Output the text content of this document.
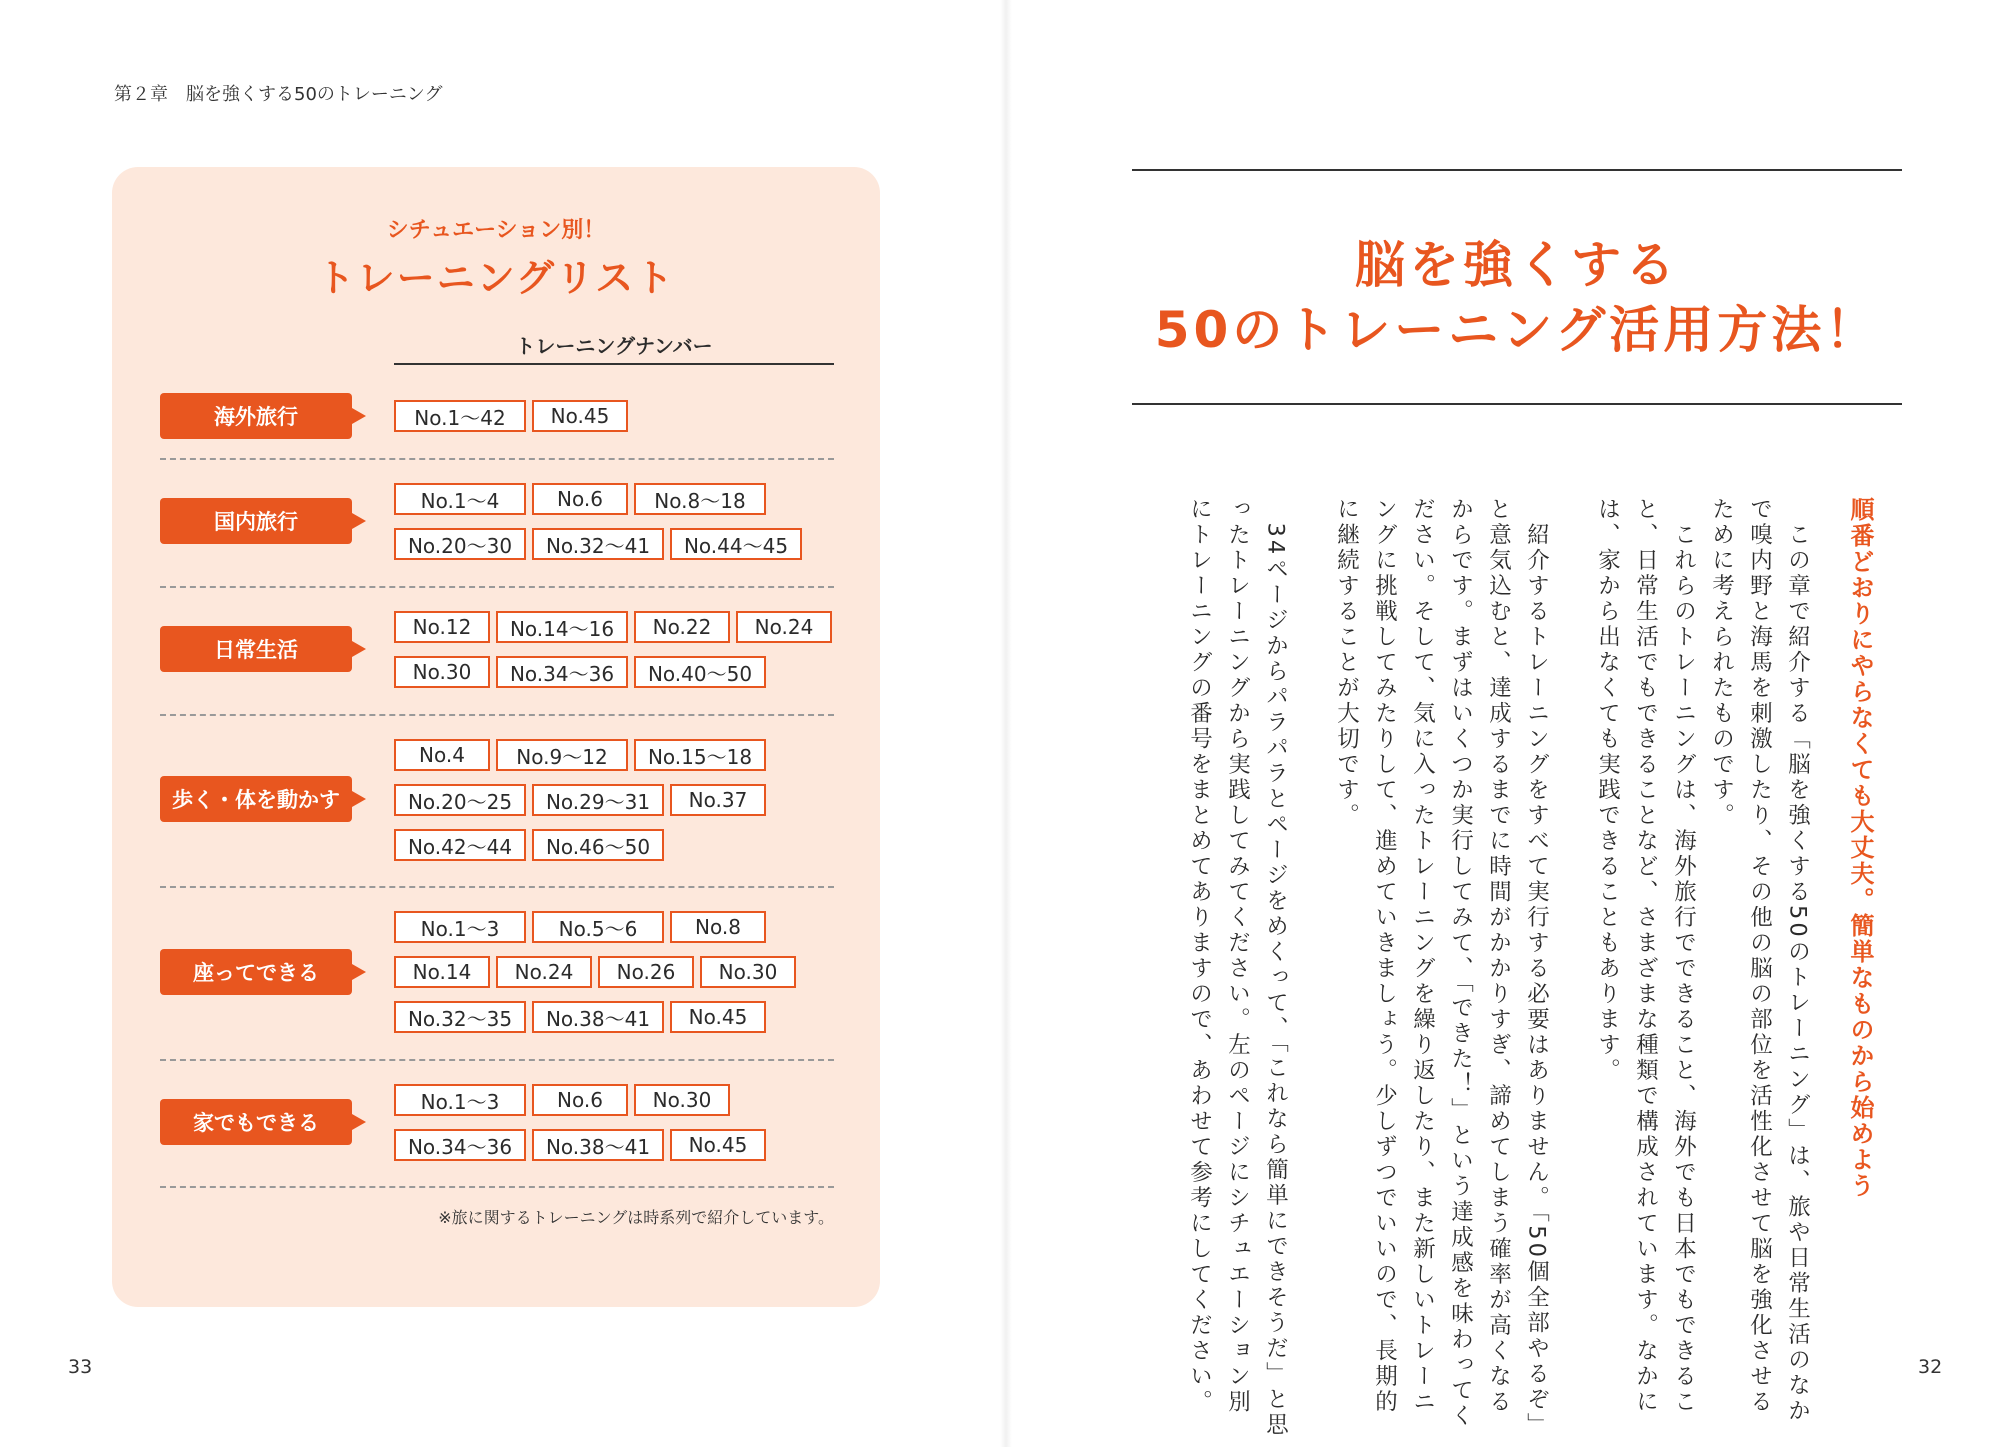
第２章　脳を強くする50のトレーニング
33	32
シチュエーション別！
トレーニングリスト
トレーニングナンバー
海外旅行	No.1〜42	No.45
国内旅行
No.1〜4	No.6	No.8〜18
No.20〜30	No.32〜41	No.44〜45
日常生活
No.12	No.14〜16	No.22	No.24
No.30	No.34〜36	No.40〜50
歩く・体を動かす
No.4	No.9〜12	No.15〜18
No.20〜25	No.29〜31	No.37
No.42〜44	No.46〜50
座ってできる
No.1〜3	No.5〜6	No.8
No.14	No.24	No.26	No.30
No.32〜35	No.38〜41	No.45
家でもできる
No.1〜3	No.6	No.30
No.34〜36	No.38〜41	No.45
※旅に関するトレーニングは時系列で紹介しています。
脳を強くする
50のトレーニング活用方法！
順番どおりにやらなくても大丈夫。簡単なものから始めよう
　この章で紹介する「脳を強くする50のトレーニング」は、旅や日常生活のなか
で嗅内野と海馬を刺激したり、その他の脳の部位を活性化させて脳を強化させる
ために考えられたものです。
　これらのトレーニングは、海外旅行でできること、海外でも日本でもできるこ
と、日常生活でもできることなど、さまざまな種類で構成されています。なかに
は、家から出なくても実践できることもあります。
　紹介するトレーニングをすべて実行する必要はありません。「50個全部やるぞ」
と意気込むと、達成するまでに時間がかかりすぎ、諦めてしまう確率が高くなる
からです。まずはいくつか実行してみて、「できた！」という達成感を味わってく
ださい。そして、気に入ったトレーニングを繰り返したり、また新しいトレーニ
ングに挑戦してみたりして、進めていきましょう。少しずつでいいので、長期的
に継続することが大切です。
　34ページからパラパラとページをめくって、「これなら簡単にできそうだ」と思
ったトレーニングから実践してみてください。左のページにシチュエーション別
にトレーニングの番号をまとめてありますので、あわせて参考にしてください。
